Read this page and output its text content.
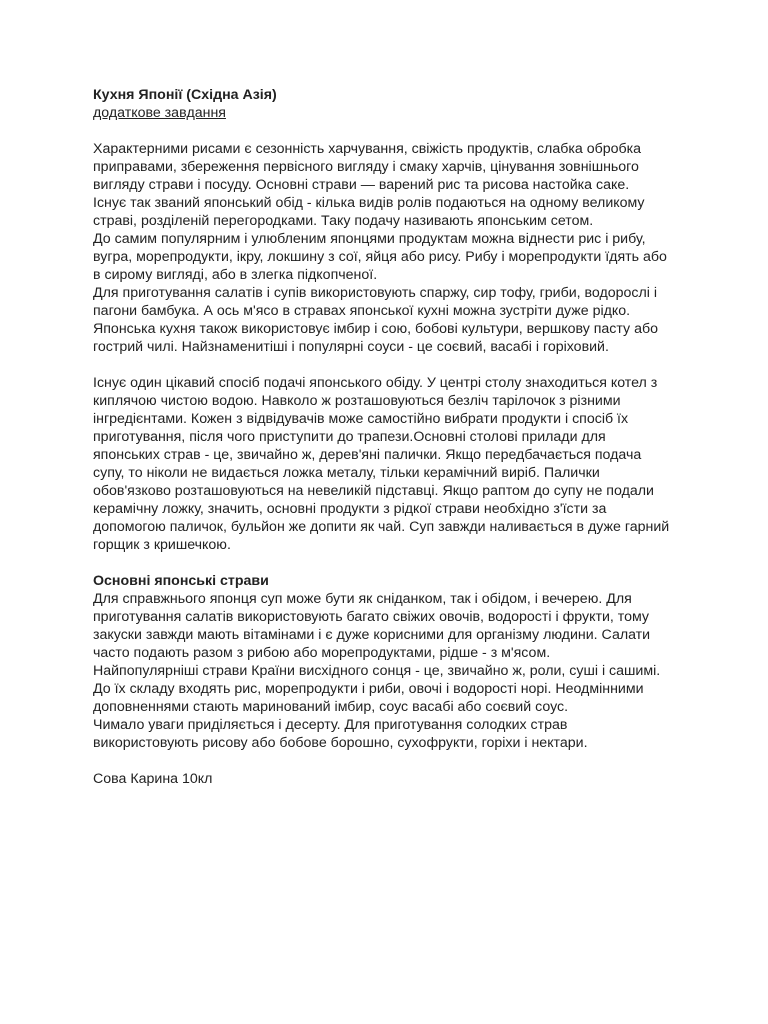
Кухня Японії (Східна Азія)

додаткове завдання

Характерними рисами є сезонність харчування, свіжість продуктів, слабка обробка

приправами, збереження первісного вигляду і смаку харчів, цінування зовнішнього

вигляду страви і посуду. Основні страви — варений рис та рисова настойка саке.

Існує так званий японський обід - кілька видів ролів подаються на одному великому

страві, розділеній перегородками. Таку подачу називають японським сетом.

До самим популярним і улюбленим японцями продуктам можна віднести рис і рибу,

вугра, морепродукти, ікру, локшину з сої, яйця або рису. Рибу і морепродукти їдять або

в сирому вигляді, або в злегка підкопченої.

Для приготування салатів і супів використовують спаржу, сир тофу, гриби, водорослі і

пагони бамбука. А ось м'ясо в стравах японської кухні можна зустріти дуже рідко.

Японська кухня також використовує імбир і сою, бобові культури, вершкову пасту або

гострий чилі. Найзнаменитіші і популярні соуси - це соєвий, васабі і горіховий.

Існує один цікавий спосіб подачі японського обіду. У центрі столу знаходиться котел з

киплячою чистою водою. Навколо ж розташовуються безліч тарілочок з різними

інгредієнтами. Кожен з відвідувачів може самостійно вибрати продукти і спосіб їх

приготування, після чого приступити до трапези.Основні столові прилади для

японських страв - це, звичайно ж, дерев'яні палички. Якщо передбачається подача

супу, то ніколи не видається ложка металу, тільки керамічний виріб. Палички

обов'язково розташовуються на невеликій підставці. Якщо раптом до супу не подали

керамічну ложку, значить, основні продукти з рідкої страви необхідно з'їсти за

допомогою паличок, бульйон же допити як чай. Суп завжди наливається в дуже гарний

горщик з кришечкою.

Основні японські страви

Для справжнього японця суп може бути як сніданком, так і обідом, і вечерею. Для

приготування салатів використовують багато свіжих овочів, водорості і фрукти, тому

закуски завжди мають вітамінами і є дуже корисними для організму людини. Салати

часто подають разом з рибою або морепродуктами, рідше - з м'ясом.

Найпопулярніші страви Країни висхідного сонця - це, звичайно ж, роли, суші і сашимі.

До їх складу входять рис, морепродукти і риби, овочі і водорості норі. Неодмінними

доповненнями стають маринований імбир, соус васабі або соєвий соус.

Чимало уваги приділяється і десерту. Для приготування солодких страв

використовують рисову або бобове борошно, сухофрукти, горіхи і нектари.

Сова Карина 10кл
